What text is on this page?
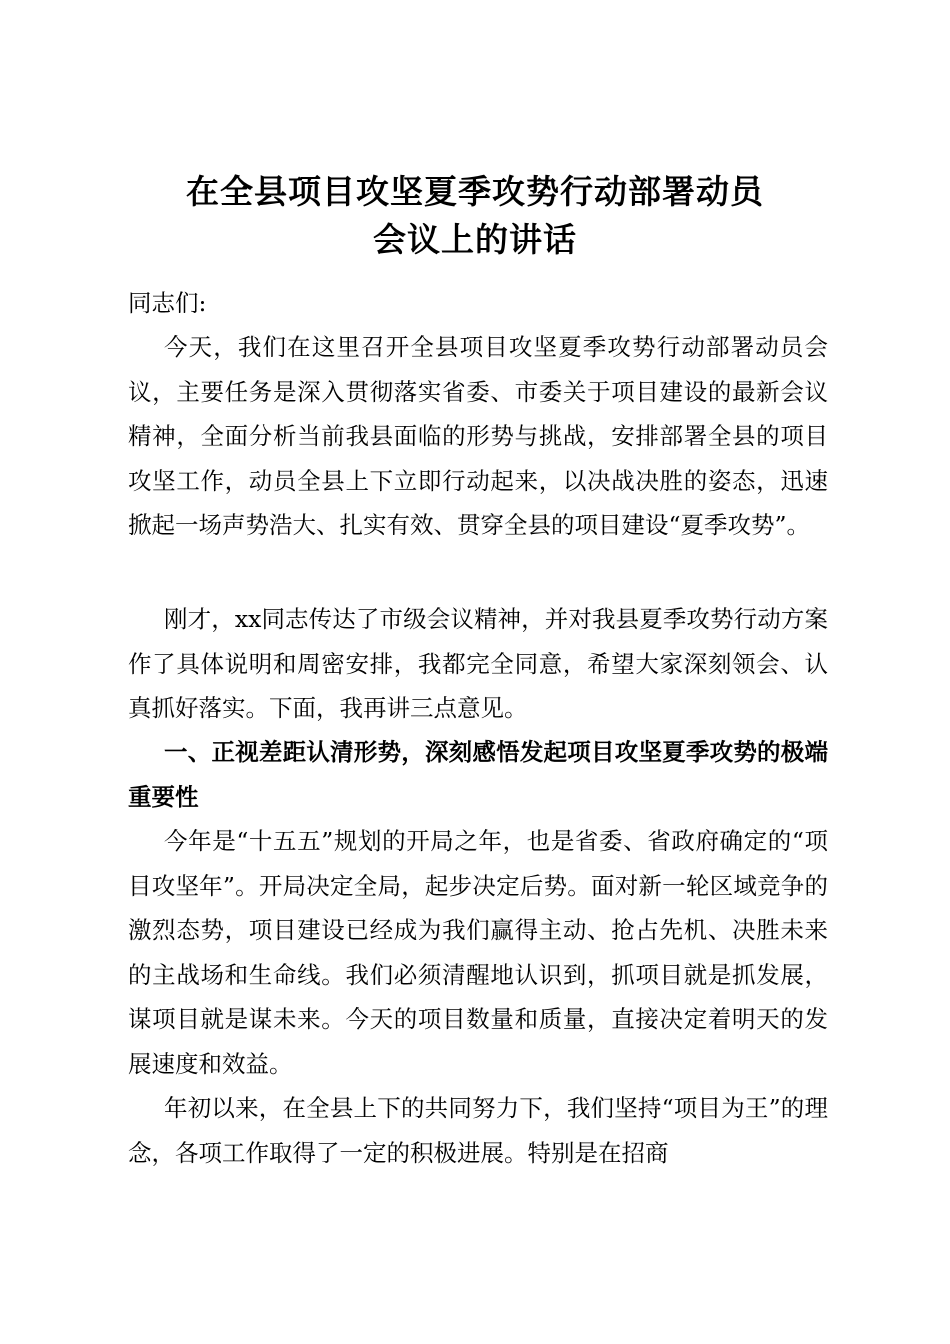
在全县项目攻坚夏季攻势行动部署动员
会议上的讲话
同志们:
今天，我们在这里召开全县项目攻坚夏季攻势行动部署动员会议，主要任务是深入贯彻落实省委、市委关于项目建设的最新会议精神，全面分析当前我县面临的形势与挑战，安排部署全县的项目攻坚工作，动员全县上下立即行动起来，以决战决胜的姿态，迅速掀起一场声势浩大、扎实有效、贯穿全县的项目建设“夏季攻势”。
刚才，xx同志传达了市级会议精神，并对我县夏季攻势行动方案作了具体说明和周密安排，我都完全同意，希望大家深刻领会、认真抓好落实。下面，我再讲三点意见。
一、正视差距认清形势，深刻感悟发起项目攻坚夏季攻势的极端重要性
今年是“十五五”规划的开局之年，也是省委、省政府确定的“项目攻坚年”。开局决定全局，起步决定后势。面对新一轮区域竞争的激烈态势，项目建设已经成为我们赢得主动、抢占先机、决胜未来的主战场和生命线。我们必须清醒地认识到，抓项目就是抓发展，谋项目就是谋未来。今天的项目数量和质量，直接决定着明天的发展速度和效益。
年初以来，在全县上下的共同努力下，我们坚持“项目为王”的理念，各项工作取得了一定的积极进展。特别是在招商
